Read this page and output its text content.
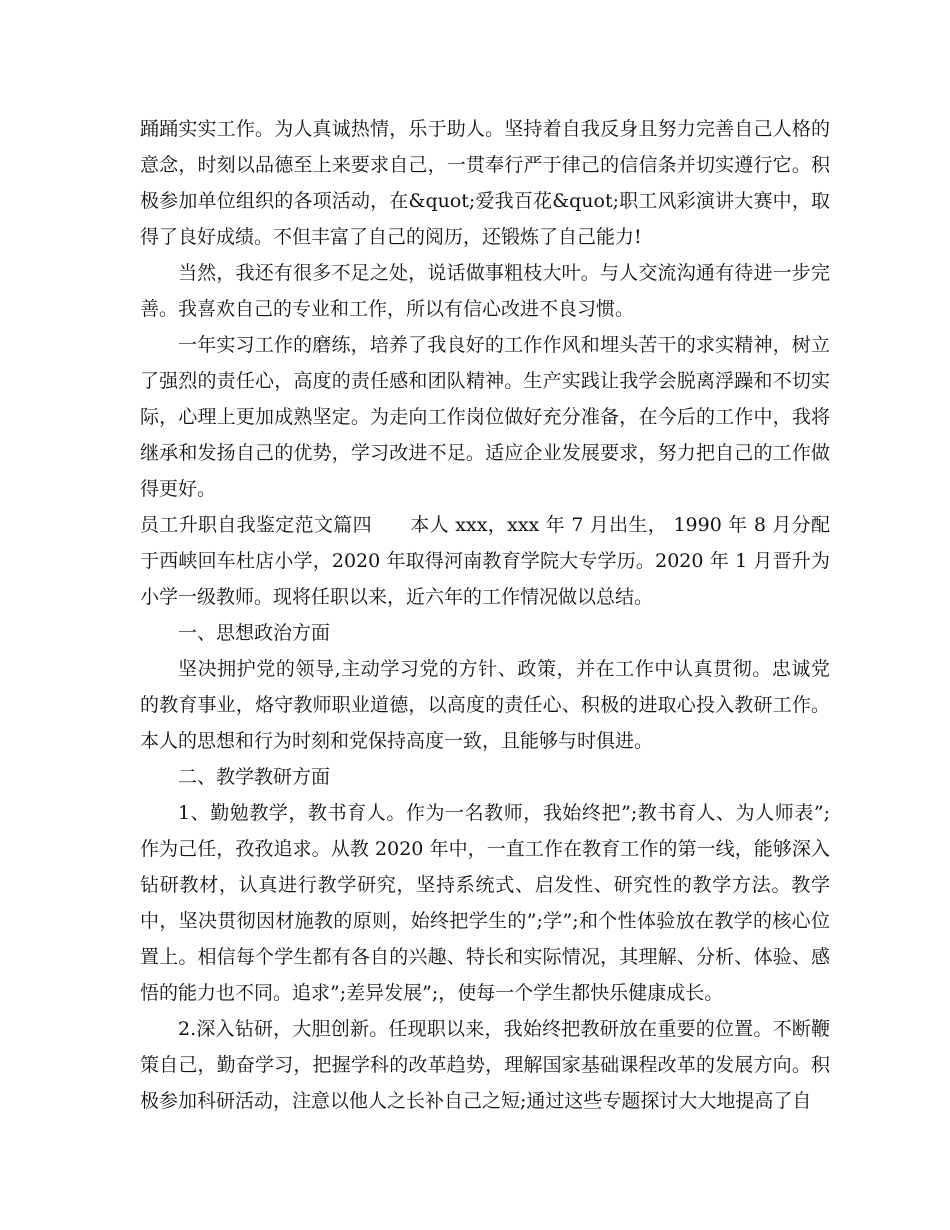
踊踊实实工作。为人真诚热情，乐于助人。坚持着自我反身且努力完善自己人格的意念，时刻以品德至上来要求自己，一贯奉行严于律己的信信条并切实遵行它。积极参加单位组织的各项活动，在&quot;爱我百花&quot;职工风彩演讲大赛中，取得了良好成绩。不但丰富了自己的阅历，还锻炼了自己能力!

当然，我还有很多不足之处，说话做事粗枝大叶。与人交流沟通有待进一步完善。我喜欢自己的专业和工作，所以有信心改进不良习惯。

一年实习工作的磨练，培养了我良好的工作作风和埋头苦干的求实精神，树立了强烈的责任心，高度的责任感和团队精神。生产实践让我学会脱离浮躁和不切实际，心理上更加成熟坚定。为走向工作岗位做好充分准备，在今后的工作中，我将继承和发扬自己的优势，学习改进不足。适应企业发展要求，努力把自己的工作做得更好。

员工升职自我鉴定范文篇四 本人 xxx，xxx 年 7 月出生， 1990 年 8 月分配于西峡回车杜店小学，2020 年取得河南教育学院大专学历。2020 年 1 月晋升为小学一级教师。现将任职以来，近六年的工作情况做以总结。

一、思想政治方面

坚决拥护党的领导,主动学习党的方针、政策，并在工作中认真贯彻。忠诚党的教育事业，烙守教师职业道德，以高度的责任心、积极的进取心投入教研工作。本人的思想和行为时刻和党保持高度一致，且能够与时俱进。

二、教学教研方面

1、勤勉教学，教书育人。作为一名教师，我始终把”;教书育人、为人师表”;作为己任，孜孜追求。从教 2020 年中，一直工作在教育工作的第一线，能够深入钻研教材，认真进行教学研究，坚持系统式、启发性、研究性的教学方法。教学中，坚决贯彻因材施教的原则，始终把学生的”;学”;和个性体验放在教学的核心位置上。相信每个学生都有各自的兴趣、特长和实际情况，其理解、分析、体验、感悟的能力也不同。追求”;差异发展”;，使每一个学生都快乐健康成长。

2.深入钻研，大胆创新。任现职以来，我始终把教研放在重要的位置。不断鞭策自己，勤奋学习，把握学科的改革趋势，理解国家基础课程改革的发展方向。积极参加科研活动，注意以他人之长补自己之短;通过这些专题探讨大大地提高了自
